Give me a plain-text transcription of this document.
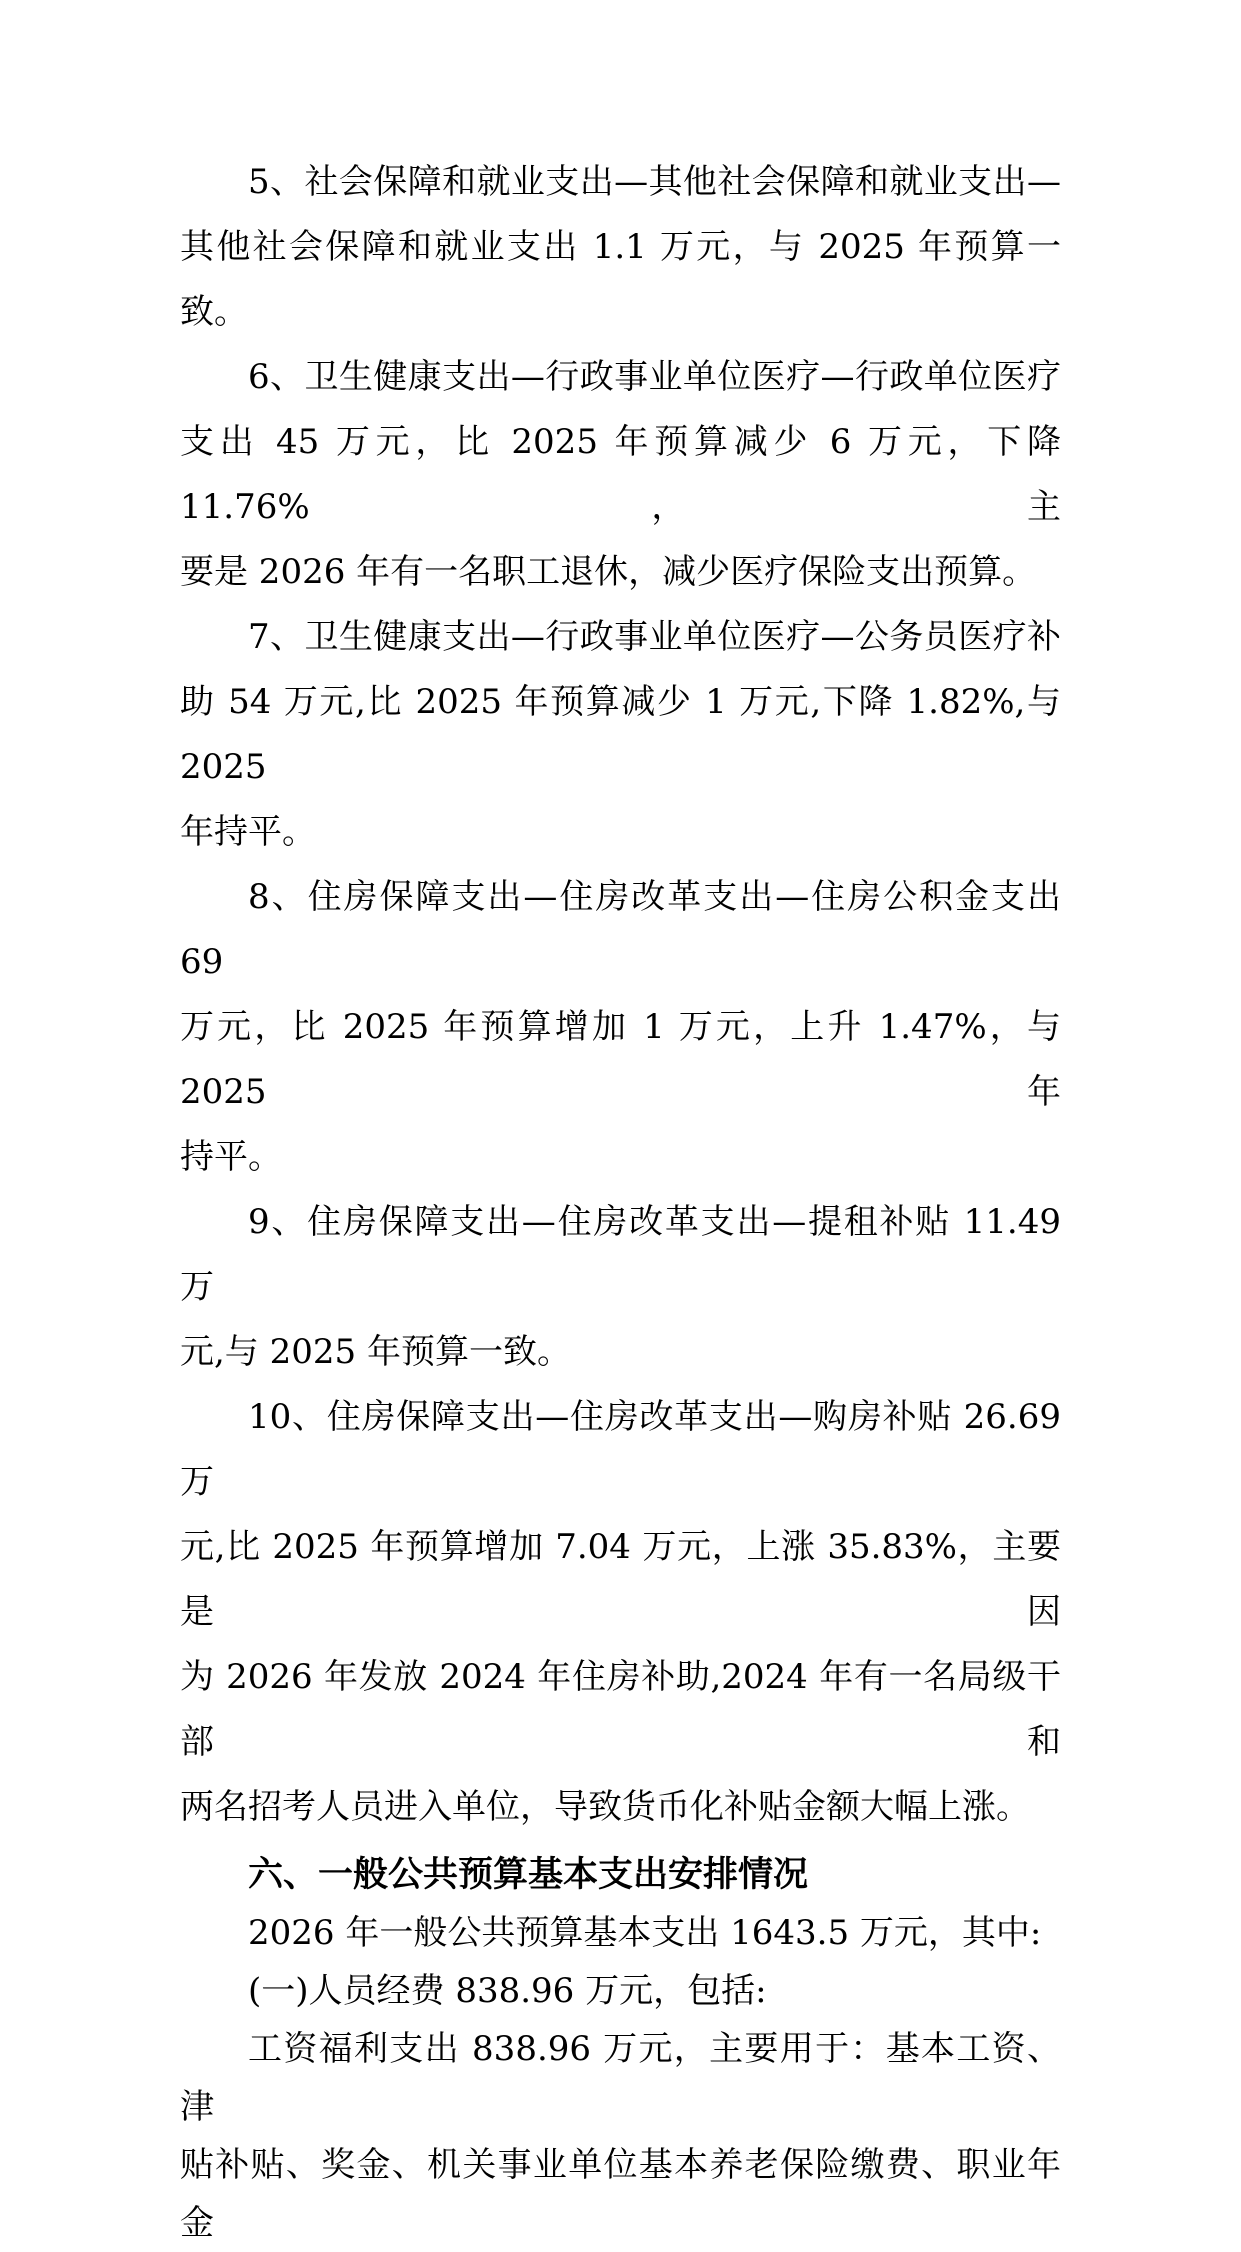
5、社会保障和就业支出—其他社会保障和就业支出—
其他社会保障和就业支出 1.1 万元，与 2025 年预算一致。
6、卫生健康支出—行政事业单位医疗—行政单位医疗
支出 45 万元，比 2025 年预算减少 6 万元，下降 11.76%，主
要是 2026 年有一名职工退休，减少医疗保险支出预算。
7、卫生健康支出—行政事业单位医疗—公务员医疗补
助 54 万元,比 2025 年预算减少 1 万元,下降 1.82%,与 2025
年持平。
8、住房保障支出—住房改革支出—住房公积金支出 69
万元，比 2025 年预算增加 1 万元，上升 1.47%，与 2025 年
持平。
9、住房保障支出—住房改革支出—提租补贴 11.49 万
元,与 2025 年预算一致。
10、住房保障支出—住房改革支出—购房补贴 26.69 万
元,比 2025 年预算增加 7.04 万元，上涨 35.83%，主要是因
为 2026 年发放 2024 年住房补助,2024 年有一名局级干部和
两名招考人员进入单位，导致货币化补贴金额大幅上涨。
六、一般公共预算基本支出安排情况
2026 年一般公共预算基本支出 1643.5 万元，其中:
(一)人员经费 838.96 万元，包括:
工资福利支出 838.96 万元，主要用于：基本工资、津
贴补贴、奖金、机关事业单位基本养老保险缴费、职业年金
